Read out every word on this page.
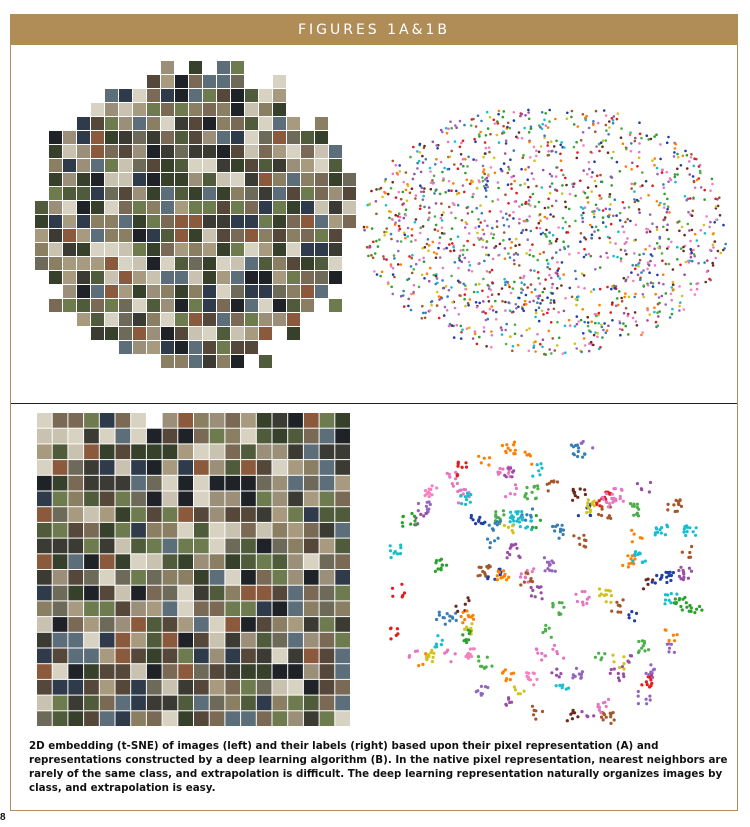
FIGURES 1A&1B
2D embedding (t-SNE) of images (left) and their labels (right) based upon their pixel representation (A) and representations constructed by a deep learning algorithm (B). In the native pixel representation, nearest neighbors are rarely of the same class, and extrapolation is difficult. The deep learning representation naturally organizes images by class, and extrapolation is easy.
8
